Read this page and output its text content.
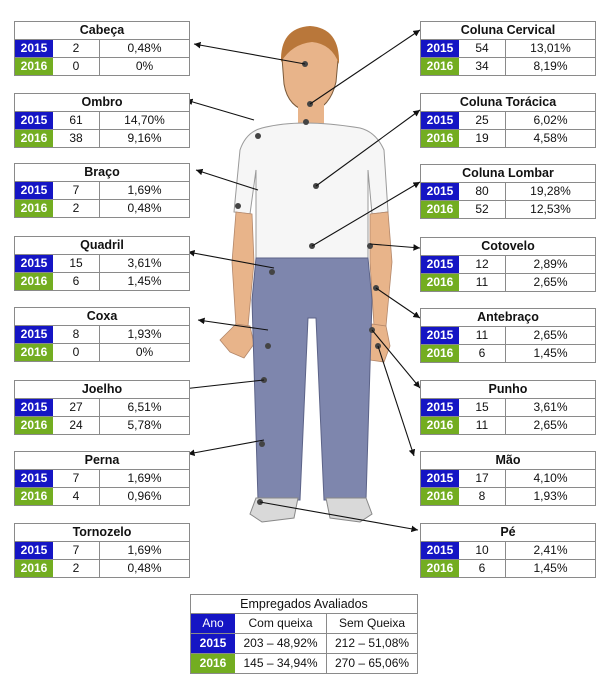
Cabeça
2015	2	0,48%
2016	0	0%
Ombro
2015	61	14,70%
2016	38	9,16%
Braço
2015	7	1,69%
2016	2	0,48%
Quadril
2015	15	3,61%
2016	6	1,45%
Coxa
2015	8	1,93%
2016	0	0%
Joelho
2015	27	6,51%
2016	24	5,78%
Perna
2015	7	1,69%
2016	4	0,96%
Tornozelo
2015	7	1,69%
2016	2	0,48%
Coluna Cervical
2015	54	13,01%
2016	34	8,19%
Coluna Torácica
2015	25	6,02%
2016	19	4,58%
Coluna Lombar
2015	80	19,28%
2016	52	12,53%
Cotovelo
2015	12	2,89%
2016	11	2,65%
Antebraço
2015	11	2,65%
2016	6	1,45%
Punho
2015	15	3,61%
2016	11	2,65%
Mão
2015	17	4,10%
2016	8	1,93%
Pé
2015	10	2,41%
2016	6	1,45%
Empregados Avaliados
Ano	Com queixa	Sem Queixa
2015	203 – 48,92%	212 – 51,08%
2016	145 – 34,94%	270 – 65,06%
